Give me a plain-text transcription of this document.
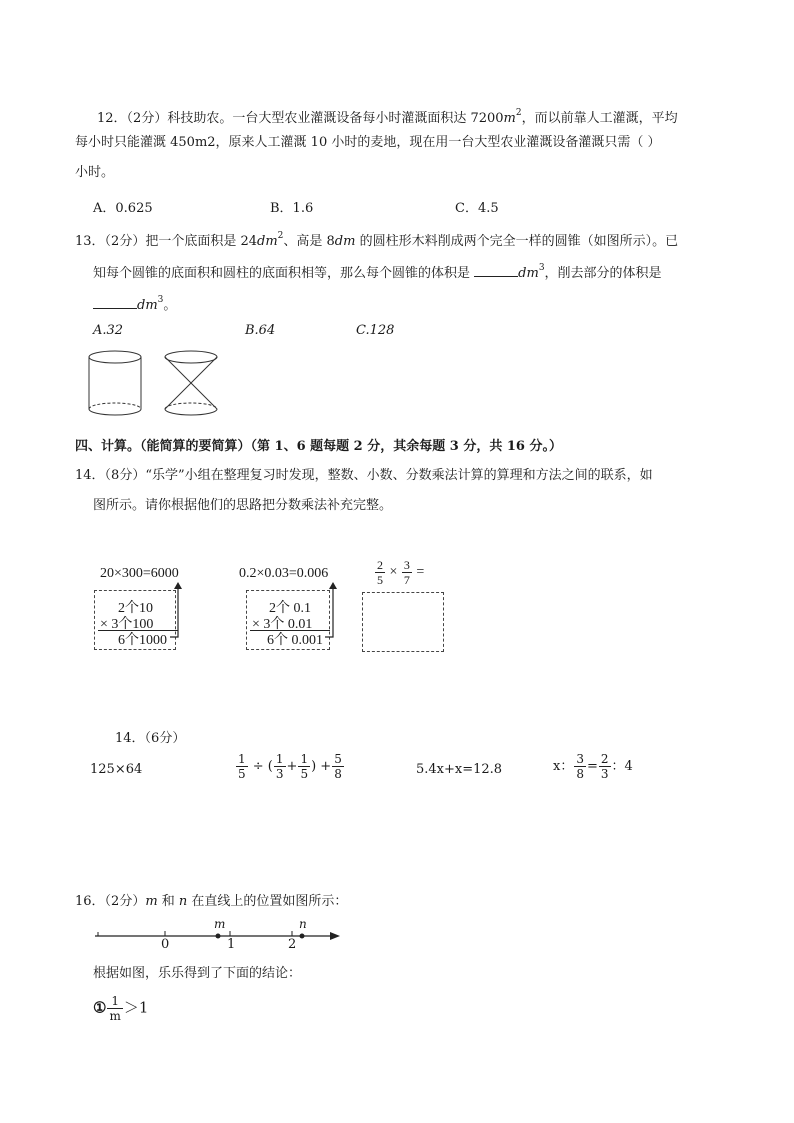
12．（2分）科技助农。一台大型农业灌溉设备每小时灌溉面积达 $7200m^2$，而以前靠人工灌溉，平均
每小时只能灌溉 450m2，原来人工灌溉 10 小时的麦地，现在用一台大型农业灌溉设备灌溉只需（ ）
小时。
A．0.625	B．1.6	C．4.5
13．（2分）把一个底面积是 $24dm^2$、高是 8dm 的圆柱形木料削成两个完全一样的圆锥（如图所示）。已
知每个圆锥的底面积和圆柱的底面积相等，那么每个圆锥的体积是	$dm^3$，削去部分的体积是
$dm^3$。
A.32	B.64	C.128
四、计算。（能简算的要简算）（第 1、6 题每题 2 分，其余每题 3 分，共 16 分。）
14．（8分）“乐学”小组在整理复习时发现，整数、小数、分数乘法计算的算理和方法之间的联系，如
图所示。请你根据他们的思路把分数乘法补充完整。
20×300=6000
2个10
× 3个100
6个1000
0.2×0.03=0.006
2个 0.1
× 3个 0.01
6个 0.001
$\frac{2}{5} \times \frac{3}{7}$ =
14．（6分）
125×64	$\frac{1}{5}$ ÷ ( $\frac{1}{3} + \frac{1}{5}$ ) + $\frac{5}{8}$	5.4x+x=12.8	x： $\frac{3}{8} = \frac{2}{3}$ ：4
16．（2分）m 和 n 在直线上的位置如图所示：
m	n
0	1	2
根据如图，乐乐得到了下面的结论：
① $\frac{1}{m} >1$
